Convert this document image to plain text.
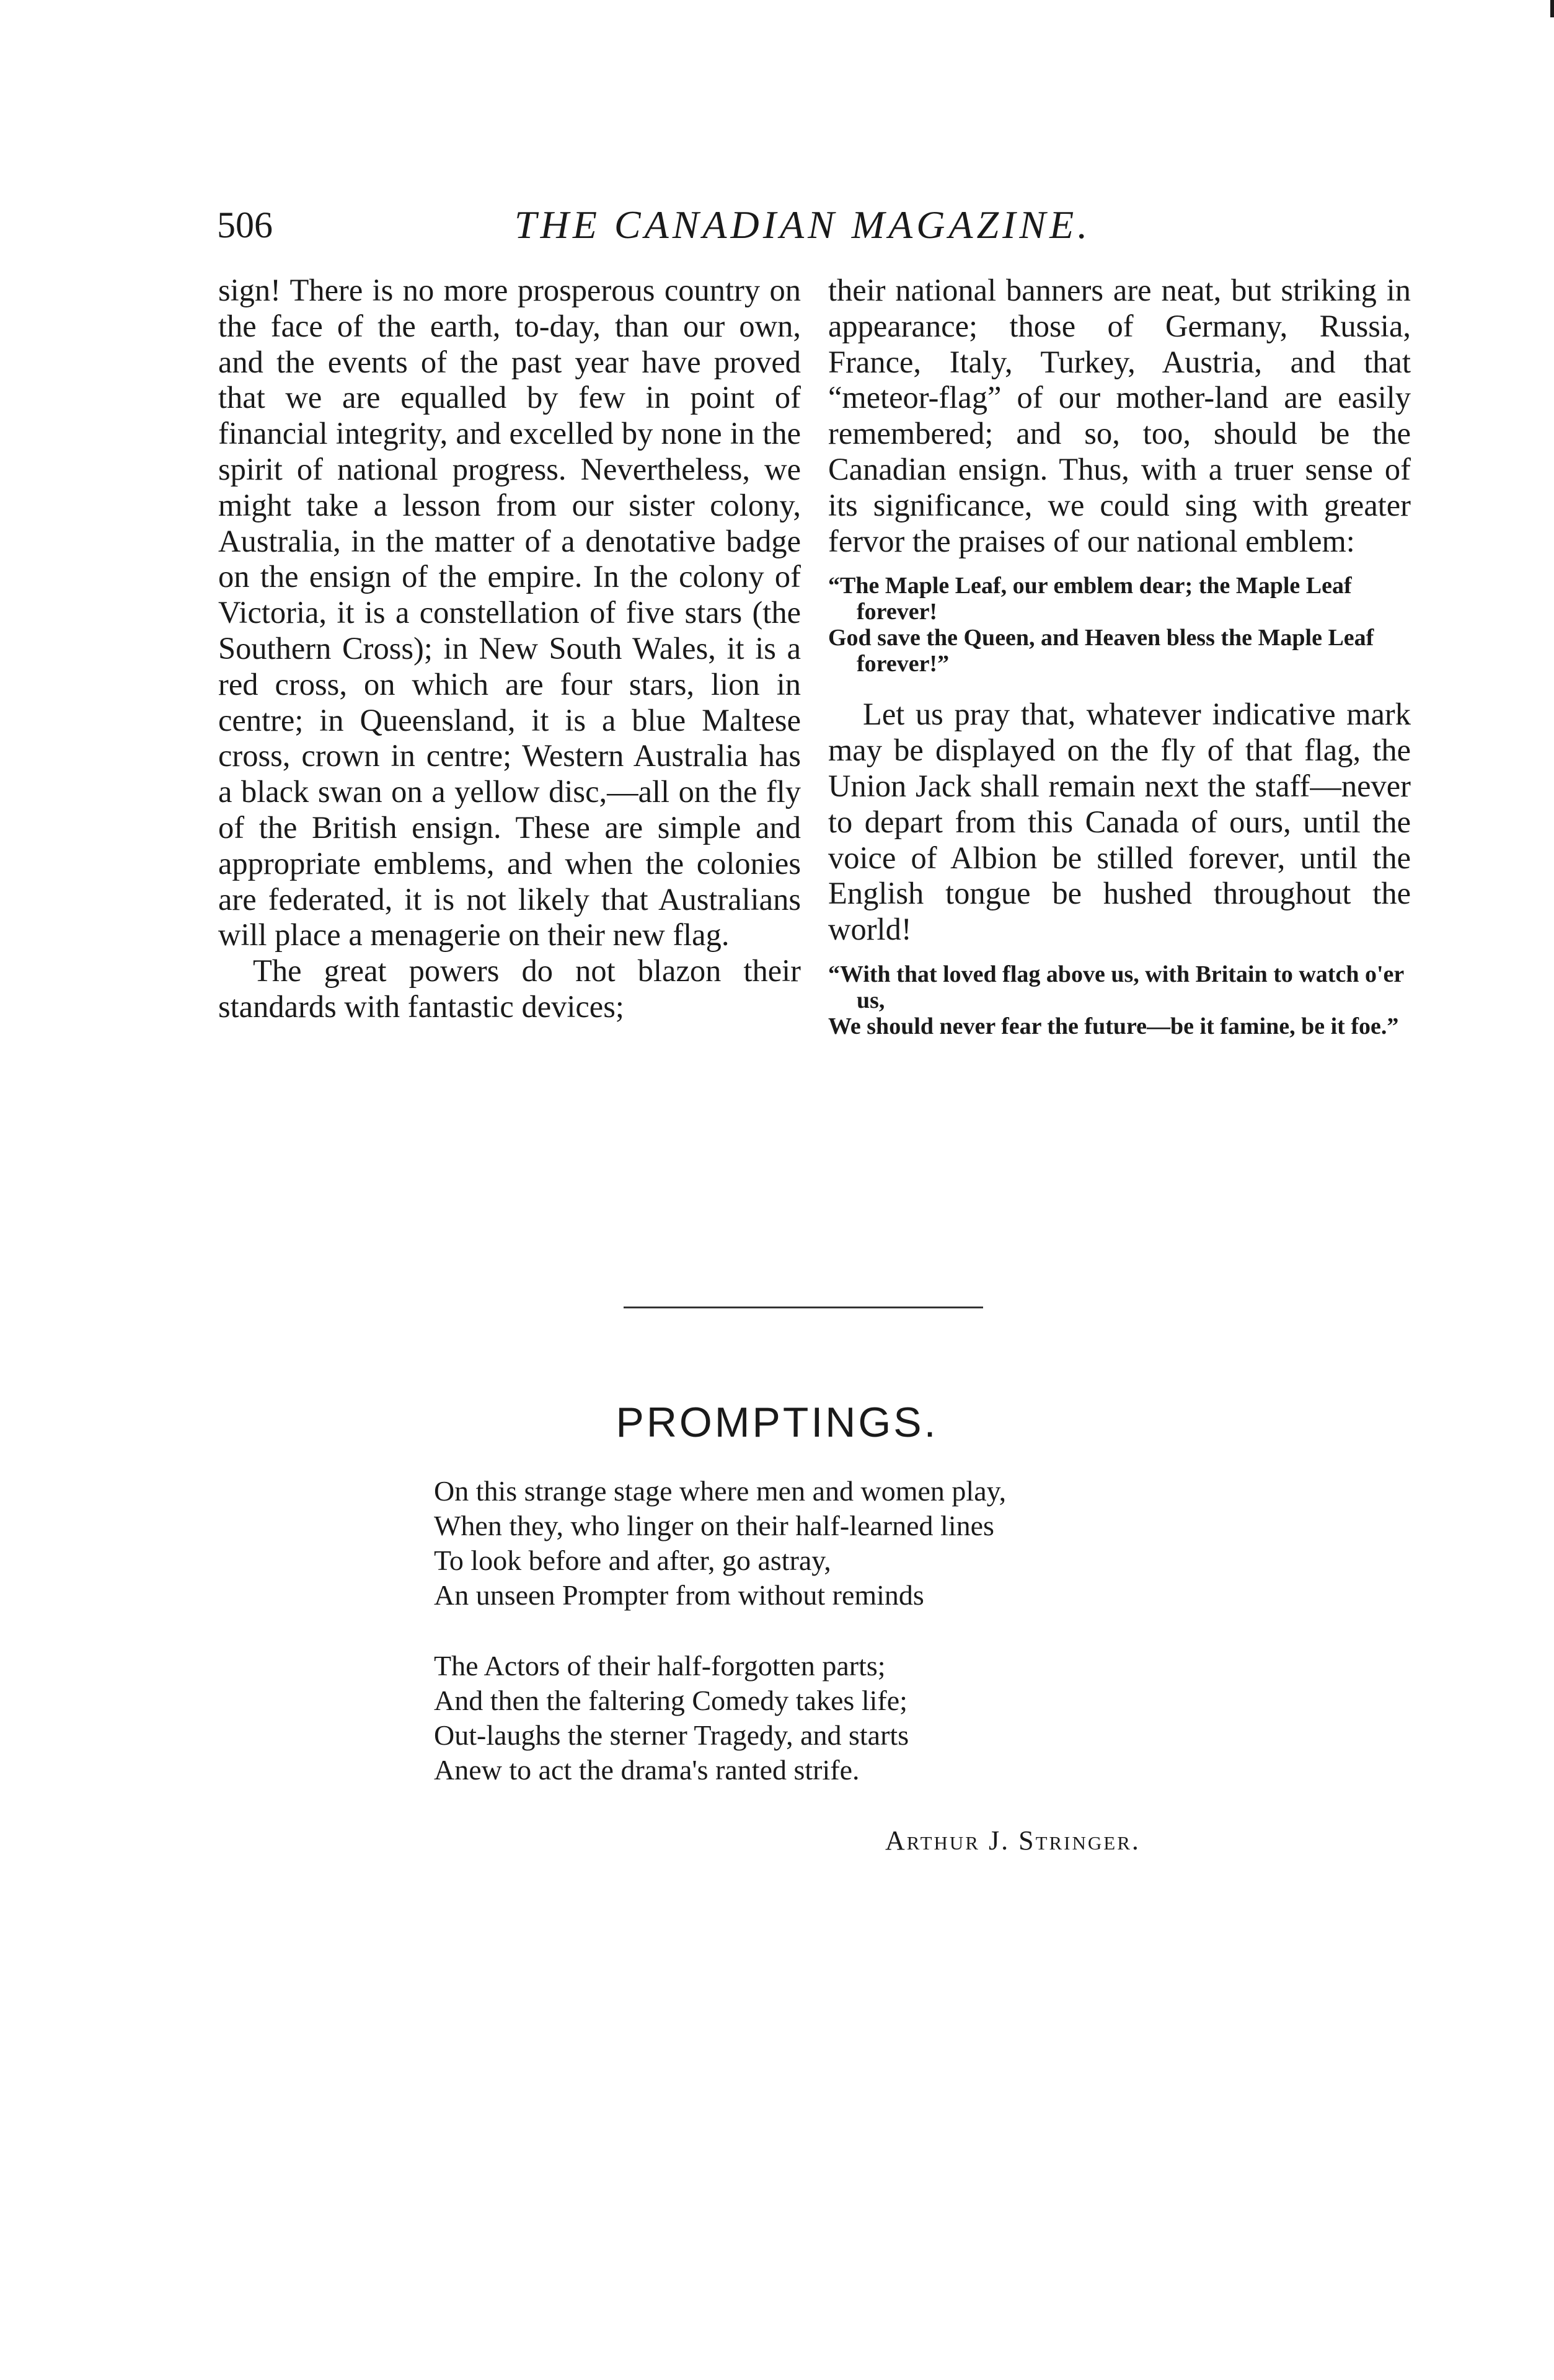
506	THE CANADIAN MAGAZINE.

sign! There is no more prosperous country on the face of the earth, to-day, than our own, and the events of the past year have proved that we are equalled by few in point of financial integrity, and excelled by none in the spirit of national progress. Nevertheless, we might take a lesson from our sister colony, Australia, in the matter of a denotative badge on the ensign of the empire. In the colony of Victoria, it is a constellation of five stars (the Southern Cross); in New South Wales, it is a red cross, on which are four stars, lion in centre; in Queensland, it is a blue Maltese cross, crown in centre; Western Australia has a black swan on a yellow disc,—all on the fly of the British ensign. These are simple and appropriate emblems, and when the colonies are federated, it is not likely that Australians will place a menagerie on their new flag.

The great powers do not blazon their standards with fantastic devices;

their national banners are neat, but striking in appearance; those of Germany, Russia, France, Italy, Turkey, Austria, and that “meteor-flag” of our mother-land are easily remembered; and so, too, should be the Canadian ensign. Thus, with a truer sense of its significance, we could sing with greater fervor the praises of our national emblem:

“The Maple Leaf, our emblem dear; the Maple Leaf forever!
God save the Queen, and Heaven bless the Maple Leaf forever!”

Let us pray that, whatever indicative mark may be displayed on the fly of that flag, the Union Jack shall remain next the staff—never to depart from this Canada of ours, until the voice of Albion be stilled forever, until the English tongue be hushed throughout the world!

“With that loved flag above us, with Britain to watch o'er us,
We should never fear the future—be it famine, be it foe.”
PROMPTINGS.
On this strange stage where men and women play,
When they, who linger on their half-learned lines
To look before and after, go astray,
An unseen Prompter from without reminds
The Actors of their half-forgotten parts;
And then the faltering Comedy takes life;
Out-laughs the sterner Tragedy, and starts
Anew to act the drama's ranted strife.
Arthur J. Stringer.
